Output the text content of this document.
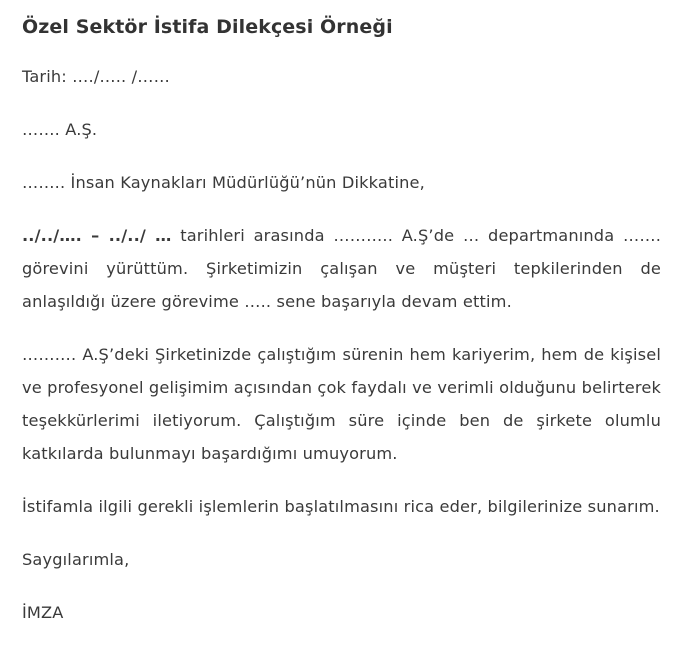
Özel Sektör İstifa Dilekçesi Örneği

Tarih: …./….. /……

……. A.Ş.

…….. İnsan Kaynakları Müdürlüğü’nün Dikkatine,

../../…. – ../../ … tarihleri arasında ……….. A.Ş’de … departmanında ……. görevini yürüttüm. Şirketimizin çalışan ve müşteri tepkilerinden de anlaşıldığı üzere görevime ….. sene başarıyla devam ettim.

………. A.Ş’deki Şirketinizde çalıştığım sürenin hem kariyerim, hem de kişisel ve profesyonel gelişimim açısından çok faydalı ve verimli olduğunu belirterek teşekkürlerimi iletiyorum. Çalıştığım süre içinde ben de şirkete olumlu katkılarda bulunmayı başardığımı umuyorum.

İstifamla ilgili gerekli işlemlerin başlatılmasını rica eder, bilgilerinize sunarım.

Saygılarımla,

İMZA
